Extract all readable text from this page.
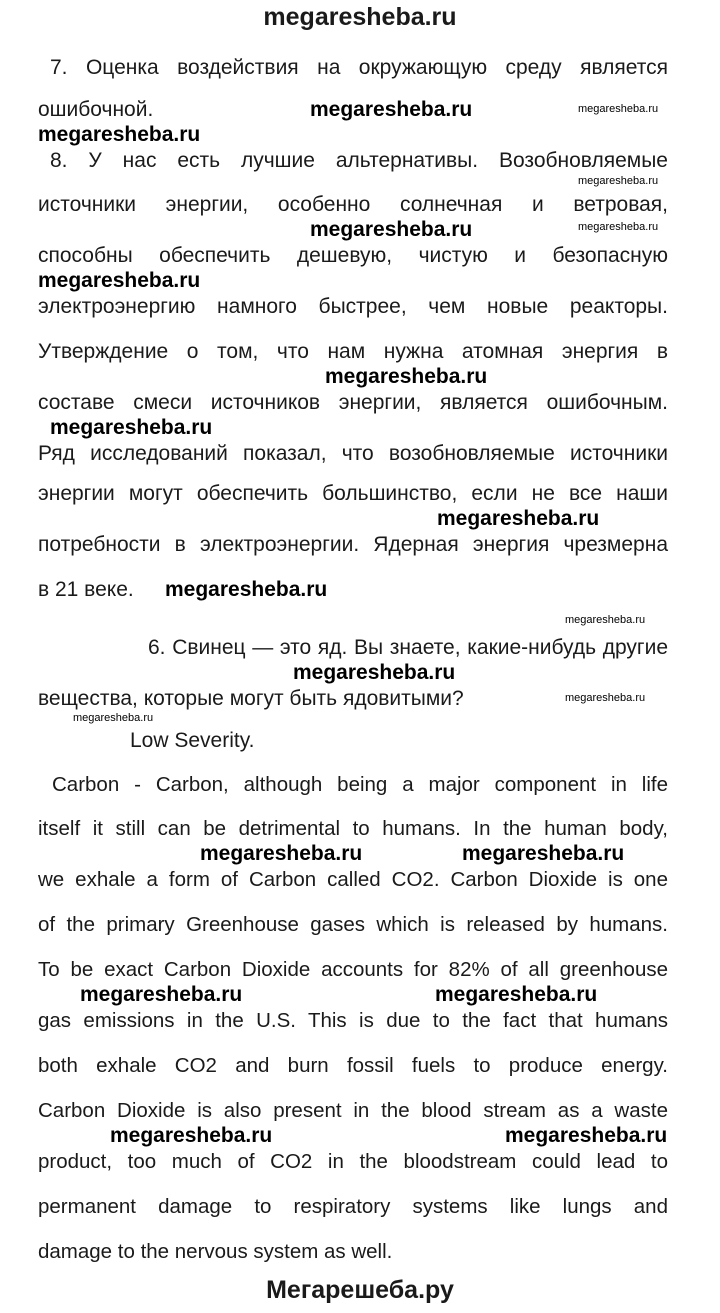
megaresheba.ru
7. Оценка воздействия на окружающую среду является
ошибочной.
8. У нас есть лучшие альтернативы. Возобновляемые
источники энергии, особенно солнечная и ветровая,
способны обеспечить дешевую, чистую и безопасную
электроэнергию намного быстрее, чем новые реакторы.
Утверждение о том, что нам нужна атомная энергия в
составе смеси источников энергии, является ошибочным.
Ряд исследований показал, что возобновляемые источники
энергии могут обеспечить большинство, если не все наши
потребности в электроэнергии. Ядерная энергия чрезмерна
в 21 веке.
6. Свинец — это яд. Вы знаете, какие-нибудь другие
вещества, которые могут быть ядовитыми?
Low Severity.
Carbon - Carbon, although being a major component in life
itself it still can be detrimental to humans. In the human body,
we exhale a form of Carbon called CO2. Carbon Dioxide is one
of the primary Greenhouse gases which is released by humans.
To be exact Carbon Dioxide accounts for 82% of all greenhouse
gas emissions in the U.S. This is due to the fact that humans
both exhale CO2 and burn fossil fuels to produce energy.
Carbon Dioxide is also present in the blood stream as a waste
product, too much of CO2 in the bloodstream could lead to
permanent damage to respiratory systems like lungs and
damage to the nervous system as well.
megaresheba.ru	megaresheba.ru
megaresheba.ru
megaresheba.ru
megaresheba.ru	megaresheba.ru
megaresheba.ru
megaresheba.ru
megaresheba.ru
megaresheba.ru
megaresheba.ru
megaresheba.ru
megaresheba.ru
megaresheba.ru
megaresheba.ru
megaresheba.ru	megaresheba.ru
megaresheba.ru	megaresheba.ru
megaresheba.ru	megaresheba.ru
Мегарешеба.ру
